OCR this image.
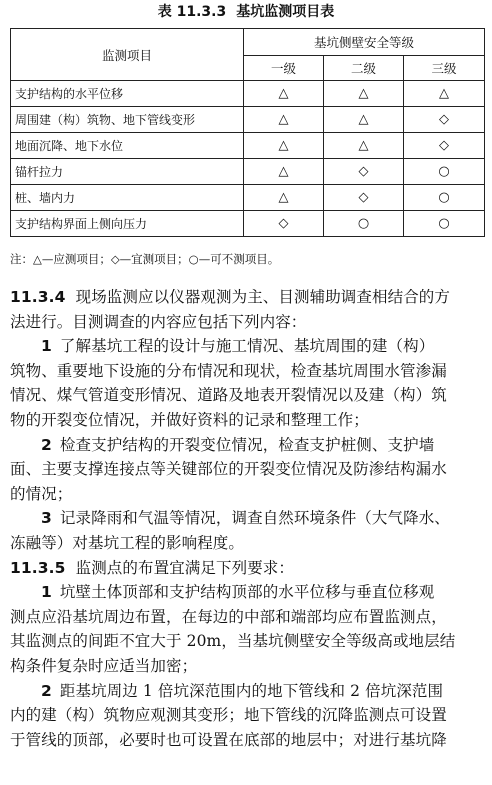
表 11.3.3 基坑监测项目表
监测项目	基坑侧壁安全等级		
	一级	二级	三级
支护结构的水平位移	△	△	△
周围建（构）筑物、地下管线变形	△	△	◇
地面沉降、地下水位	△	△	◇
锚杆拉力	△	◇	○
桩、墙内力	△	◇	○
支护结构界面上侧向压力	◇	○	○
注：△—应测项目；◇—宜测项目；○—可不测项目。
11.3.4 现场监测应以仪器观测为主、目测辅助调查相结合的方
法进行。目测调查的内容应包括下列内容：
1 了解基坑工程的设计与施工情况、基坑周围的建（构）
筑物、重要地下设施的分布情况和现状，检查基坑周围水管渗漏
情况、煤气管道变形情况、道路及地表开裂情况以及建（构）筑
物的开裂变位情况，并做好资料的记录和整理工作；
2 检查支护结构的开裂变位情况，检查支护桩侧、支护墙
面、主要支撑连接点等关键部位的开裂变位情况及防渗结构漏水
的情况；
3 记录降雨和气温等情况，调查自然环境条件（大气降水、
冻融等）对基坑工程的影响程度。
11.3.5 监测点的布置宜满足下列要求：
1 坑壁土体顶部和支护结构顶部的水平位移与垂直位移观
测点应沿基坑周边布置，在每边的中部和端部均应布置监测点，
其监测点的间距不宜大于 20m，当基坑侧壁安全等级高或地层结
构条件复杂时应适当加密；
2 距基坑周边 1 倍坑深范围内的地下管线和 2 倍坑深范围
内的建（构）筑物应观测其变形；地下管线的沉降监测点可设置
于管线的顶部，必要时也可设置在底部的地层中；对进行基坑降
